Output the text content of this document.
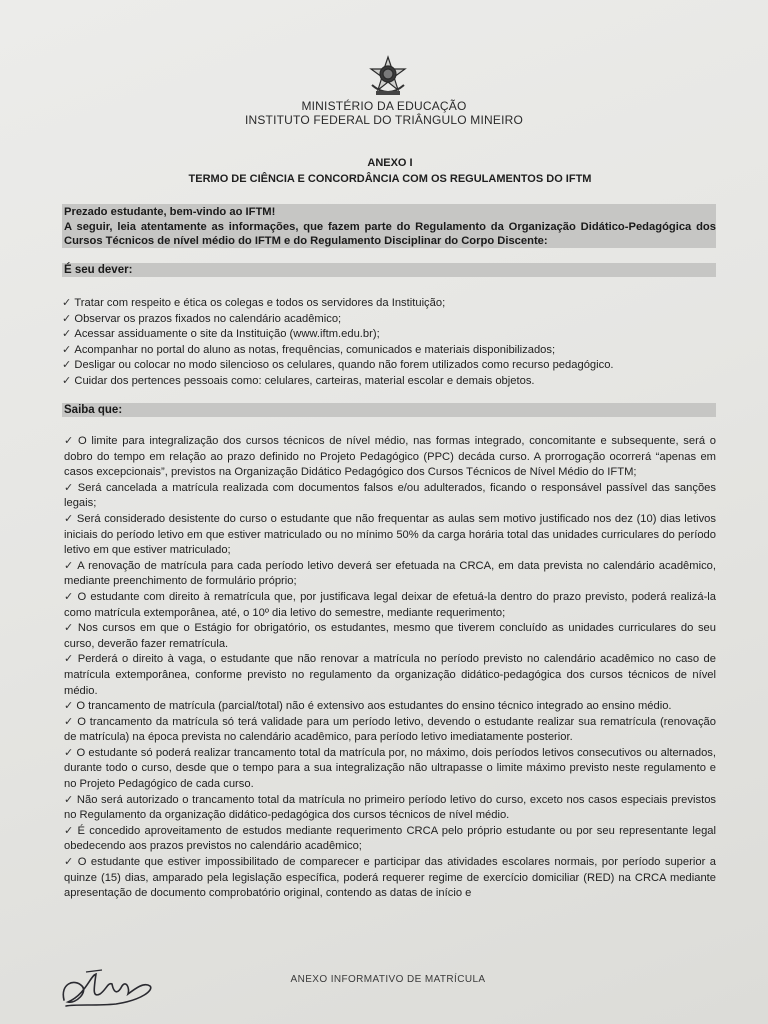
MINISTÉRIO DA EDUCAÇÃO
INSTITUTO FEDERAL DO TRIÂNGULO MINEIRO
ANEXO I
TERMO DE CIÊNCIA E CONCORDÂNCIA COM OS REGULAMENTOS DO IFTM
Prezado estudante, bem-vindo ao IFTM!
A seguir, leia atentamente as informações, que fazem parte do Regulamento da Organização Didático-Pedagógica dos Cursos Técnicos de nível médio do IFTM e do Regulamento Disciplinar do Corpo Discente:
É seu dever:
✓ Tratar com respeito e ética os colegas e todos os servidores da Instituição;
✓ Observar os prazos fixados no calendário acadêmico;
✓ Acessar assiduamente o site da Instituição (www.iftm.edu.br);
✓ Acompanhar no portal do aluno as notas, frequências, comunicados e materiais disponibilizados;
✓ Desligar ou colocar no modo silencioso os celulares, quando não forem utilizados como recurso pedagógico.
✓ Cuidar dos pertences pessoais como: celulares, carteiras, material escolar e demais objetos.
Saiba que:
✓ O limite para integralização dos cursos técnicos de nível médio, nas formas integrado, concomitante e subsequente, será o dobro do tempo em relação ao prazo definido no Projeto Pedagógico (PPC) decáda curso. A prorrogação ocorrerá “apenas em casos excepcionais”, previstos na Organização Didático Pedagógico dos Cursos Técnicos de Nível Médio do IFTM;
✓ Será cancelada a matrícula realizada com documentos falsos e/ou adulterados, ficando o responsável passível das sanções legais;
✓ Será considerado desistente do curso o estudante que não frequentar as aulas sem motivo justificado nos dez (10) dias letivos iniciais do período letivo em que estiver matriculado ou no mínimo 50% da carga horária total das unidades curriculares do período letivo em que estiver matriculado;
✓ A renovação de matrícula para cada período letivo deverá ser efetuada na CRCA, em data prevista no calendário acadêmico, mediante preenchimento de formulário próprio;
✓ O estudante com direito à rematrícula que, por justificava legal deixar de efetuá-la dentro do prazo previsto, poderá realizá-la como matrícula extemporânea, até, o 10º dia letivo do semestre, mediante requerimento;
✓ Nos cursos em que o Estágio for obrigatório, os estudantes, mesmo que tiverem concluído as unidades curriculares do seu curso, deverão fazer rematrícula.
✓ Perderá o direito à vaga, o estudante que não renovar a matrícula no período previsto no calendário acadêmico no caso de matrícula extemporânea, conforme previsto no regulamento da organização didático-pedagógica dos cursos técnicos de nível médio.
✓ O trancamento de matrícula (parcial/total) não é extensivo aos estudantes do ensino técnico integrado ao ensino médio.
✓ O trancamento da matrícula só terá validade para um período letivo, devendo o estudante realizar sua rematrícula (renovação de matrícula) na época prevista no calendário acadêmico, para período letivo imediatamente posterior.
✓ O estudante só poderá realizar trancamento total da matrícula por, no máximo, dois períodos letivos consecutivos ou alternados, durante todo o curso, desde que o tempo para a sua integralização não ultrapasse o limite máximo previsto neste regulamento e no Projeto Pedagógico de cada curso.
✓ Não será autorizado o trancamento total da matrícula no primeiro período letivo do curso, exceto nos casos especiais previstos no Regulamento da organização didático-pedagógica dos cursos técnicos de nível médio.
✓ É concedido aproveitamento de estudos mediante requerimento CRCA pelo próprio estudante ou por seu representante legal obedecendo aos prazos previstos no calendário acadêmico;
✓ O estudante que estiver impossibilitado de comparecer e participar das atividades escolares normais, por período superior a quinze (15) dias, amparado pela legislação específica, poderá requerer regime de exercício domiciliar (RED) na CRCA mediante apresentação de documento comprobatório original, contendo as datas de início e
ANEXO INFORMATIVO DE MATRÍCULA
